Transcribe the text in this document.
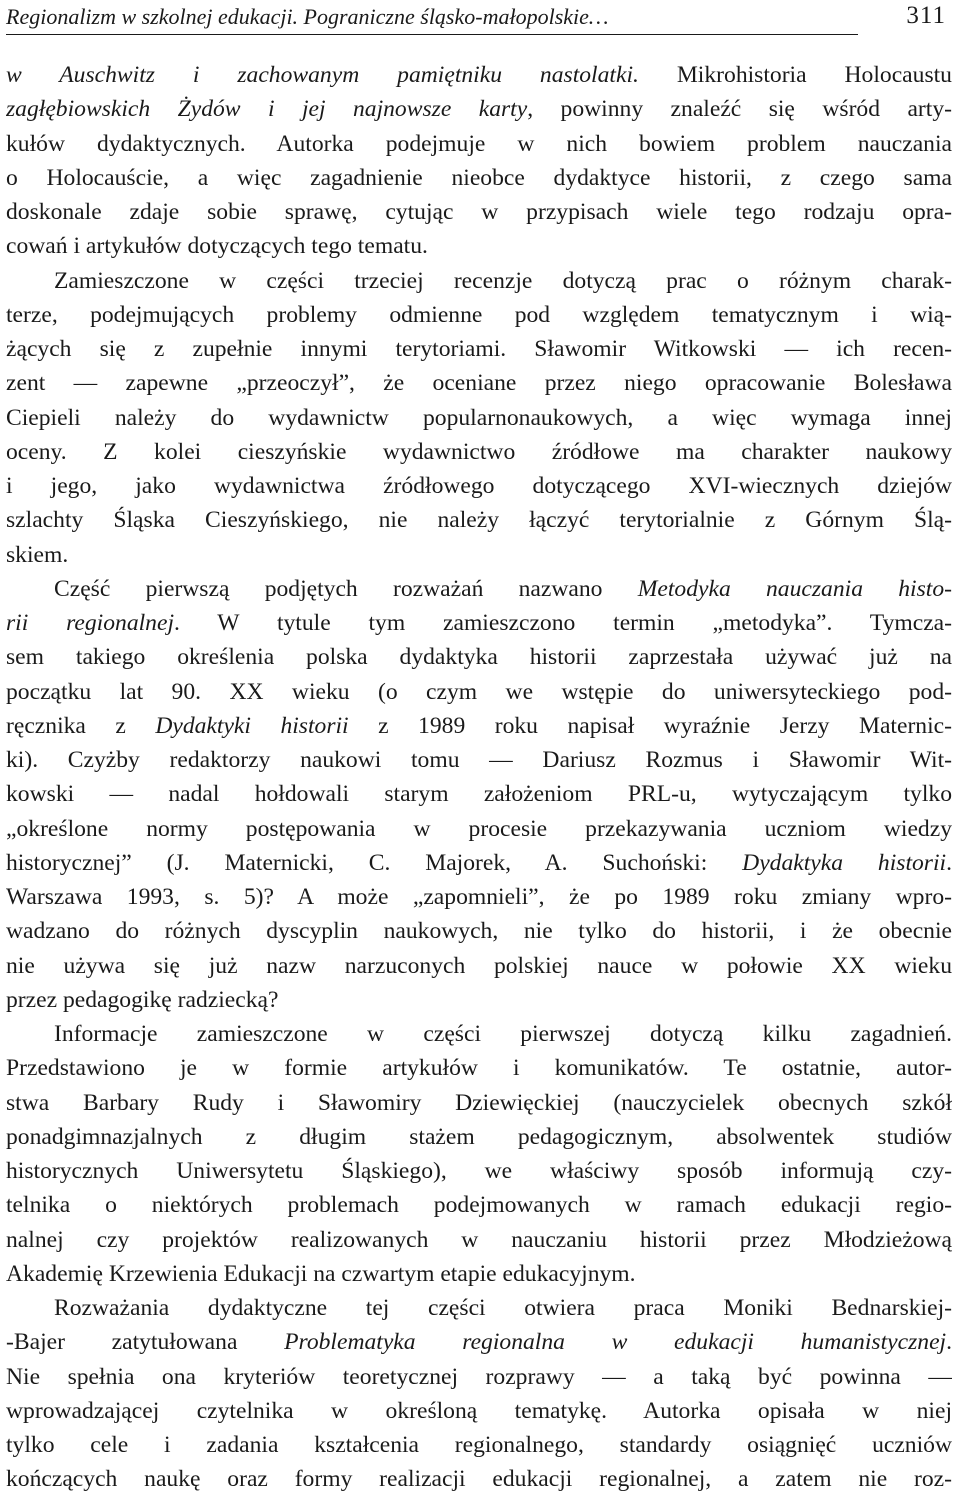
Regionalizm w szkolnej edukacji. Pograniczne śląsko-małopolskie…	311
w Auschwitz i zachowanym pamiętniku nastolatki. Mikrohistoria Holocaustu
zagłębiowskich Żydów i jej najnowsze karty, powinny znaleźć się wśród arty-
kułów dydaktycznych. Autorka podejmuje w nich bowiem problem nauczania
o Holocauście, a więc zagadnienie nieobce dydaktyce historii, z czego sama
doskonale zdaje sobie sprawę, cytując w przypisach wiele tego rodzaju opra-
cowań i artykułów dotyczących tego tematu.
Zamieszczone w części trzeciej recenzje dotyczą prac o różnym charak-
terze, podejmujących problemy odmienne pod względem tematycznym i wią-
żących się z zupełnie innymi terytoriami. Sławomir Witkowski — ich recen-
zent — zapewne „przeoczył”, że oceniane przez niego opracowanie Bolesława
Ciepieli należy do wydawnictw popularnonaukowych, a więc wymaga innej
oceny. Z kolei cieszyńskie wydawnictwo źródłowe ma charakter naukowy
i jego, jako wydawnictwa źródłowego dotyczącego XVI-wiecznych dziejów
szlachty Śląska Cieszyńskiego, nie należy łączyć terytorialnie z Górnym Ślą-
skiem.
Część pierwszą podjętych rozważań nazwano Metodyka nauczania histo-
rii regionalnej. W tytule tym zamieszczono termin „metodyka”. Tymcza-
sem takiego określenia polska dydaktyka historii zaprzestała używać już na
początku lat 90. XX wieku (o czym we wstępie do uniwersyteckiego pod-
ręcznika z Dydaktyki historii z 1989 roku napisał wyraźnie Jerzy Maternic-
ki). Czyżby redaktorzy naukowi tomu — Dariusz Rozmus i Sławomir Wit-
kowski — nadal hołdowali starym założeniom PRL-u, wytyczającym tylko
„określone normy postępowania w procesie przekazywania uczniom wiedzy
historycznej” (J. Maternicki, C. Majorek, A. Suchoński: Dydaktyka historii.
Warszawa 1993, s. 5)? A może „zapomnieli”, że po 1989 roku zmiany wpro-
wadzano do różnych dyscyplin naukowych, nie tylko do historii, i że obecnie
nie używa się już nazw narzuconych polskiej nauce w połowie XX wieku
przez pedagogikę radziecką?
Informacje zamieszczone w części pierwszej dotyczą kilku zagadnień.
Przedstawiono je w formie artykułów i komunikatów. Te ostatnie, autor-
stwa Barbary Rudy i Sławomiry Dziewięckiej (nauczycielek obecnych szkół
ponadgimnazjalnych z długim stażem pedagogicznym, absolwentek studiów
historycznych Uniwersytetu Śląskiego), we właściwy sposób informują czy-
telnika o niektórych problemach podejmowanych w ramach edukacji regio-
nalnej czy projektów realizowanych w nauczaniu historii przez Młodzieżową
Akademię Krzewienia Edukacji na czwartym etapie edukacyjnym.
Rozważania dydaktyczne tej części otwiera praca Moniki Bednarskiej-
-Bajer zatytułowana Problematyka regionalna w edukacji humanistycznej.
Nie spełnia ona kryteriów teoretycznej rozprawy — a taką być powinna —
wprowadzającej czytelnika w określoną tematykę. Autorka opisała w niej
tylko cele i zadania kształcenia regionalnego, standardy osiągnięć uczniów
kończących naukę oraz formy realizacji edukacji regionalnej, a zatem nie roz-
